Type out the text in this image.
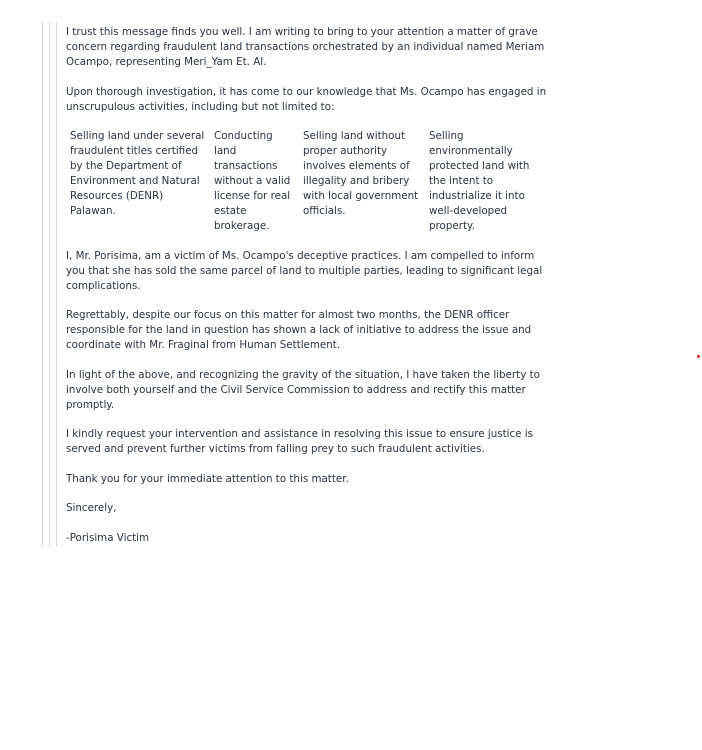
I trust this message finds you well. I am writing to bring to your attention a matter of grave concern regarding fraudulent land transactions orchestrated by an individual named Meriam Ocampo, representing Meri_Yam Et. Al.

Upon thorough investigation, it has come to our knowledge that Ms. Ocampo has engaged in unscrupulous activities, including but not limited to:

Selling land under several fraudulent titles certified by the Department of Environment and Natural Resources (DENR) Palawan.	Conducting land transactions without a valid license for real estate brokerage.	Selling land without proper authority involves elements of illegality and bribery with local government officials.	Selling environmentally protected land with the intent to industrialize it into well-developed property.

I, Mr. Porisima, am a victim of Ms. Ocampo's deceptive practices. I am compelled to inform you that she has sold the same parcel of land to multiple parties, leading to significant legal complications.

Regrettably, despite our focus on this matter for almost two months, the DENR officer responsible for the land in question has shown a lack of initiative to address the issue and coordinate with Mr. Fraginal from Human Settlement.

In light of the above, and recognizing the gravity of the situation, I have taken the liberty to involve both yourself and the Civil Service Commission to address and rectify this matter promptly.

I kindly request your intervention and assistance in resolving this issue to ensure justice is served and prevent further victims from falling prey to such fraudulent activities.

Thank you for your immediate attention to this matter.

Sincerely,

-Porisima Victim
